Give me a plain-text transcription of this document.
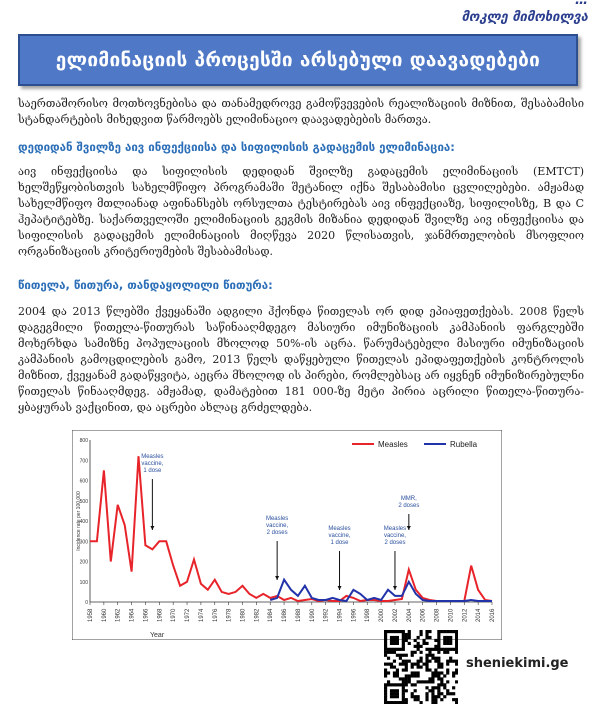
…
მოკლე მიმოხილვა
ელიმინაციის პროცესში არსებული დაავადებები

საერთაშორისო მოთხოვნებისა და თანამედროვე გამოწვევების რეალიზაციის მიზნით, შესაბამისი სტანდარტების მიხედვით წარმოებს ელიმინაციო დაავადებების მართვა.

დედიდან შვილზე აივ ინფექციისა და სიფილისის გადაცემის ელიმინაცია:

აივ ინფექციისა და სიფილისის დედიდან შვილზე გადაცემის ელიმინაციის (EMTCT) ხელშეწყობისთვის სახელმწიფო პროგრამაში შეტანილ იქნა შესაბამისი ცვლილებები. ამჟამად სახელმწიფო მთლიანად აფინანსებს ორსულთა ტესტირებას აივ ინფექციაზე, სიფილისზე, B და C ჰეპატიტებზე. საქართველოში ელიმინაციის გეგმის მიზანია დედიდან შვილზე აივ ინფექციისა და სიფილისის გადაცემის ელიმინაციის მიღწევა 2020 წლისათვის, ჯანმრთელობის მსოფლიო ორგანიზაციის კრიტერიუმების შესაბამისად.

წითელა, წითურა, თანდაყოლილი წითურა:

2004 და 2013 წლებში ქვეყანაში ადგილი ჰქონდა წითელას ორ დიდ ეპიაფეთქებას. 2008 წელს დაგეგმილი წითელა-წითურას საწინააღმდეგო მასიური იმუნიზაციის კამპანიის ფარგლებში მოხერხდა სამიზნე პოპულაციის მხოლოდ 50%-ის აცრა. წარუმატებელი მასიური იმუნიზაციის კამპანიის გამოცდილების გამო, 2013 წელს დაწყებული წითელას ეპიდაფეთქების კონტროლის მიზნით, ქვეყანამ გადაწყვიტა, აეცრა მხოლოდ ის პირები, რომლებსაც არ იყვნენ იმუნიზირებულნი წითელას წინააღმდეგ. ამჟამად, დამატებით 181 000-ზე მეტი პირია აცრილი წითელა-წითურა-ყბაყურას ვაქცინით, და აცრები ახლაც გრძელდება.

Incidence rate per 100,000
0
100
200
300
400
500
600
700
800
1958 1960 1962 1964 1966 1968 1970 1972 1974 1976 1978 1980 1982 1984 1986 1988 1990 1992 1994 1996 1998 2000 2002 2004 2006 2008 2010 2012 2014 2016
Year
Measles	Rubella
Measles
vaccine,
1 dose
Measles
vaccine,
2 doses
Measles
vaccine,
1 dose
Measles
vaccine,
2 doses
MMR,
2 doses
sheniekimi.ge
